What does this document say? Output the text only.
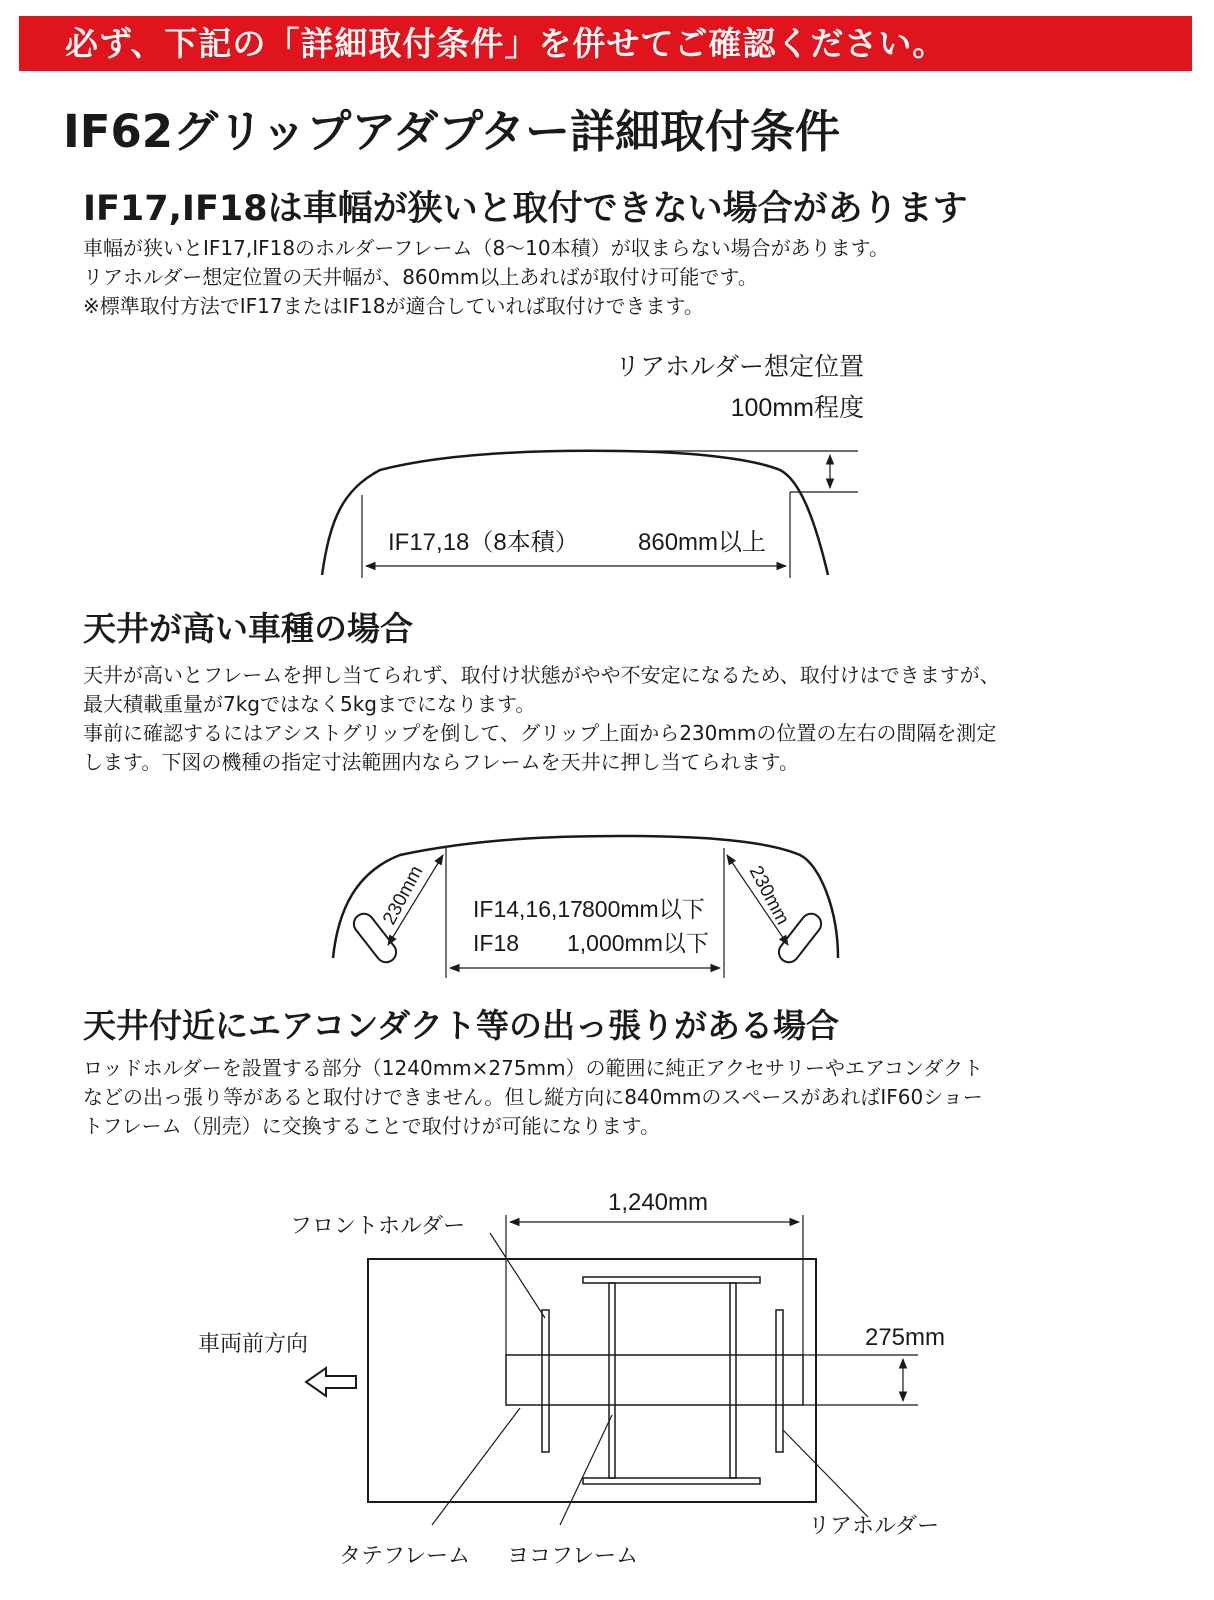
必ず、下記の「詳細取付条件」を併せてご確認ください。
IF62グリップアダプター詳細取付条件
IF17,IF18は車幅が狭いと取付できない場合があります
車幅が狭いとIF17,IF18のホルダーフレーム（8～10本積）が収まらない場合があります。
リアホルダー想定位置の天井幅が、860mm以上あればが取付け可能です。
※標準取付方法でIF17またはIF18が適合していれば取付けできます。
天井が高い車種の場合
天井が高いとフレームを押し当てられず、取付け状態がやや不安定になるため、取付けはできますが、
最大積載重量が7kgではなく5kgまでになります。
事前に確認するにはアシストグリップを倒して、グリップ上面から230mmの位置の左右の間隔を測定
します。下図の機種の指定寸法範囲内ならフレームを天井に押し当てられます。
天井付近にエアコンダクト等の出っ張りがある場合
ロッドホルダーを設置する部分（1240mm×275mm）の範囲に純正アクセサリーやエアコンダクト
などの出っ張り等があると取付けできません。但し縦方向に840mmのスペースがあればIF60ショー
トフレーム（別売）に交換することで取付けが可能になります。
リアホルダー想定位置
100mm程度
IF17,18（8本積） 860mm以上
230mm	230mm
IF14,16,17 800mm以下
IF18 1,000mm以下
1,240mm
275mm
フロントホルダー
車両前方向
タテフレーム ヨコフレーム
リアホルダー
